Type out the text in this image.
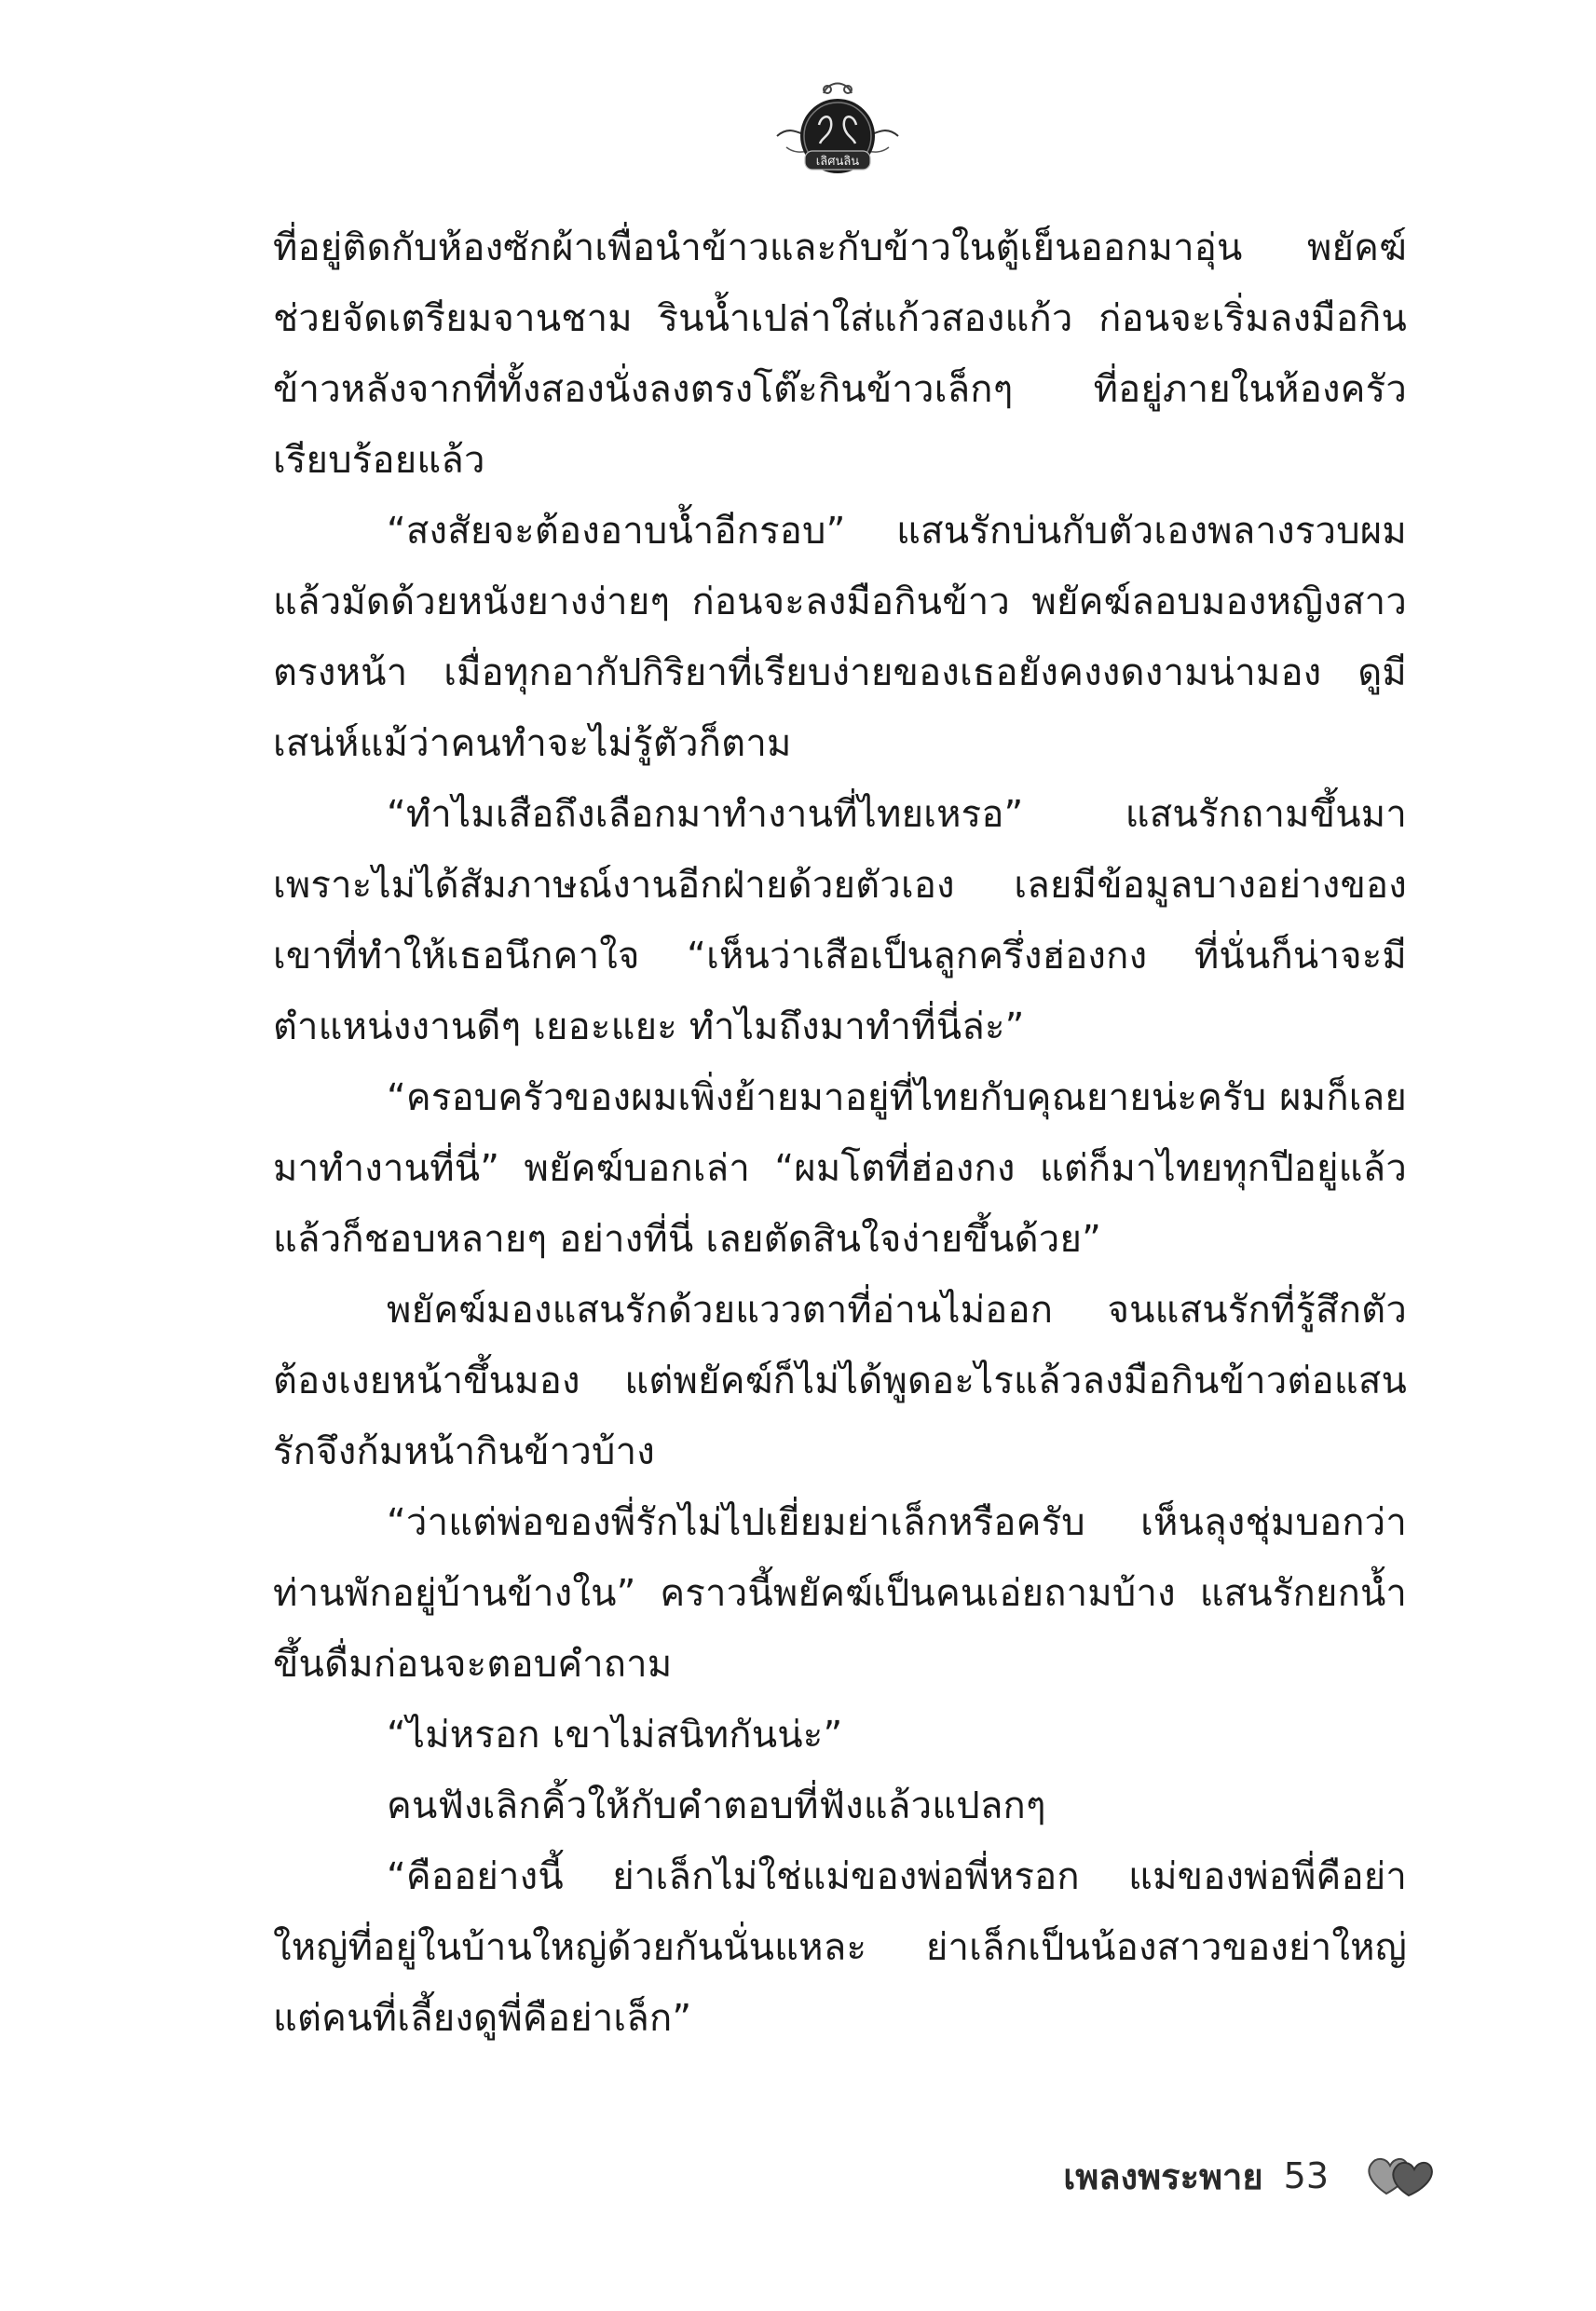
เลิศนลิน

ที่อยู่ติดกับห้องซักผ้าเพื่อนำข้าวและกับข้าวในตู้เย็นออกมาอุ่น พยัคฆ์ช่วยจัดเตรียมจานชาม รินน้ำเปล่าใส่แก้วสองแก้ว ก่อนจะเริ่มลงมือกินข้าวหลังจากที่ทั้งสองนั่งลงตรงโต๊ะกินข้าวเล็กๆ ที่อยู่ภายในห้องครัวเรียบร้อยแล้ว

“สงสัยจะต้องอาบน้ำอีกรอบ” แสนรักบ่นกับตัวเองพลางรวบผมแล้วมัดด้วยหนังยางง่ายๆ ก่อนจะลงมือกินข้าว พยัคฆ์ลอบมองหญิงสาวตรงหน้า เมื่อทุกอากัปกิริยาที่เรียบง่ายของเธอยังคงงดงามน่ามอง ดูมีเสน่ห์แม้ว่าคนทำจะไม่รู้ตัวก็ตาม

“ทำไมเสือถึงเลือกมาทำงานที่ไทยเหรอ” แสนรักถามขึ้นมา เพราะไม่ได้สัมภาษณ์งานอีกฝ่ายด้วยตัวเอง เลยมีข้อมูลบางอย่างของเขาที่ทำให้เธอนึกคาใจ “เห็นว่าเสือเป็นลูกครึ่งฮ่องกง ที่นั่นก็น่าจะมีตำแหน่งงานดีๆ เยอะแยะ ทำไมถึงมาทำที่นี่ล่ะ”

“ครอบครัวของผมเพิ่งย้ายมาอยู่ที่ไทยกับคุณยายน่ะครับ ผมก็เลยมาทำงานที่นี่” พยัคฆ์บอกเล่า “ผมโตที่ฮ่องกง แต่ก็มาไทยทุกปีอยู่แล้ว แล้วก็ชอบหลายๆ อย่างที่นี่ เลยตัดสินใจง่ายขึ้นด้วย”

พยัคฆ์มองแสนรักด้วยแววตาที่อ่านไม่ออก จนแสนรักที่รู้สึกตัวต้องเงยหน้าขึ้นมอง แต่พยัคฆ์ก็ไม่ได้พูดอะไรแล้วลงมือกินข้าวต่อแสนรักจึงก้มหน้ากินข้าวบ้าง

“ว่าแต่พ่อของพี่รักไม่ไปเยี่ยมย่าเล็กหรือครับ เห็นลุงชุ่มบอกว่าท่านพักอยู่บ้านข้างใน” คราวนี้พยัคฆ์เป็นคนเอ่ยถามบ้าง แสนรักยกน้ำขึ้นดื่มก่อนจะตอบคำถาม

“ไม่หรอก เขาไม่สนิทกันน่ะ”

คนฟังเลิกคิ้วให้กับคำตอบที่ฟังแล้วแปลกๆ

“คืออย่างนี้ ย่าเล็กไม่ใช่แม่ของพ่อพี่หรอก แม่ของพ่อพี่คือย่าใหญ่ที่อยู่ในบ้านใหญ่ด้วยกันนั่นแหละ ย่าเล็กเป็นน้องสาวของย่าใหญ่แต่คนที่เลี้ยงดูพี่คือย่าเล็ก”

เพลงพระพาย 53
